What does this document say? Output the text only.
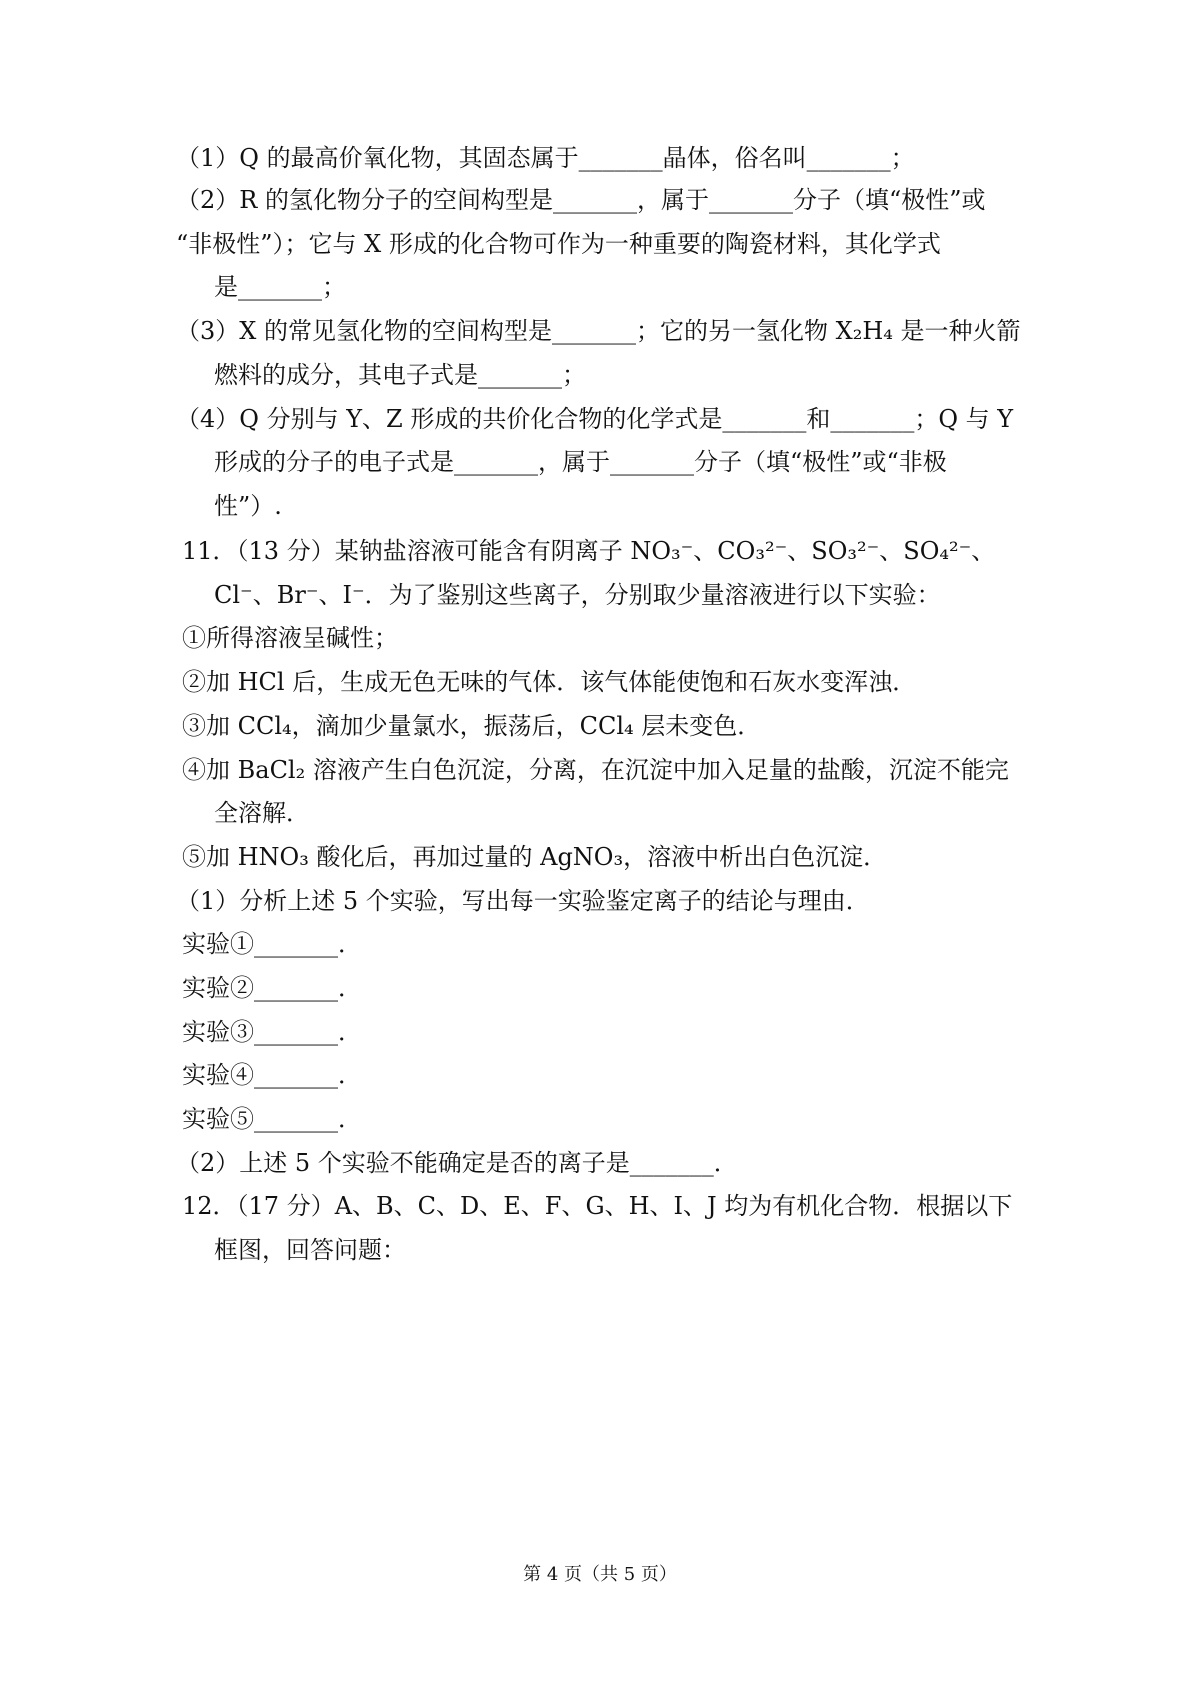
（1）Q 的最高价氧化物，其固态属于_______晶体，俗名叫_______；
（2）R 的氢化物分子的空间构型是_______，属于_______分子（填“极性”或
“非极性”）；它与 X 形成的化合物可作为一种重要的陶瓷材料，其化学式
是_______；
（3）X 的常见氢化物的空间构型是_______；它的另一氢化物 X₂H₄ 是一种火箭
燃料的成分，其电子式是_______；
（4）Q 分别与 Y、Z 形成的共价化合物的化学式是_______和_______；Q 与 Y
形成的分子的电子式是_______，属于_______分子（填“极性”或“非极
性”）.
11．（13 分）某钠盐溶液可能含有阴离子 NO₃⁻、CO₃²⁻、SO₃²⁻、SO₄²⁻、
Cl⁻、Br⁻、I⁻．为了鉴别这些离子，分别取少量溶液进行以下实验：
①所得溶液呈碱性；
②加 HCl 后，生成无色无味的气体．该气体能使饱和石灰水变浑浊．
③加 CCl₄，滴加少量氯水，振荡后，CCl₄ 层未变色．
④加 BaCl₂ 溶液产生白色沉淀，分离，在沉淀中加入足量的盐酸，沉淀不能完
全溶解．
⑤加 HNO₃ 酸化后，再加过量的 AgNO₃，溶液中析出白色沉淀．
（1）分析上述 5 个实验，写出每一实验鉴定离子的结论与理由．
实验①_______．
实验②_______．
实验③_______．
实验④_______．
实验⑤_______．
（2）上述 5 个实验不能确定是否的离子是_______．
12．（17 分）A、B、C、D、E、F、G、H、I、J 均为有机化合物．根据以下
框图，回答问题：
第 4 页（共 5 页）
